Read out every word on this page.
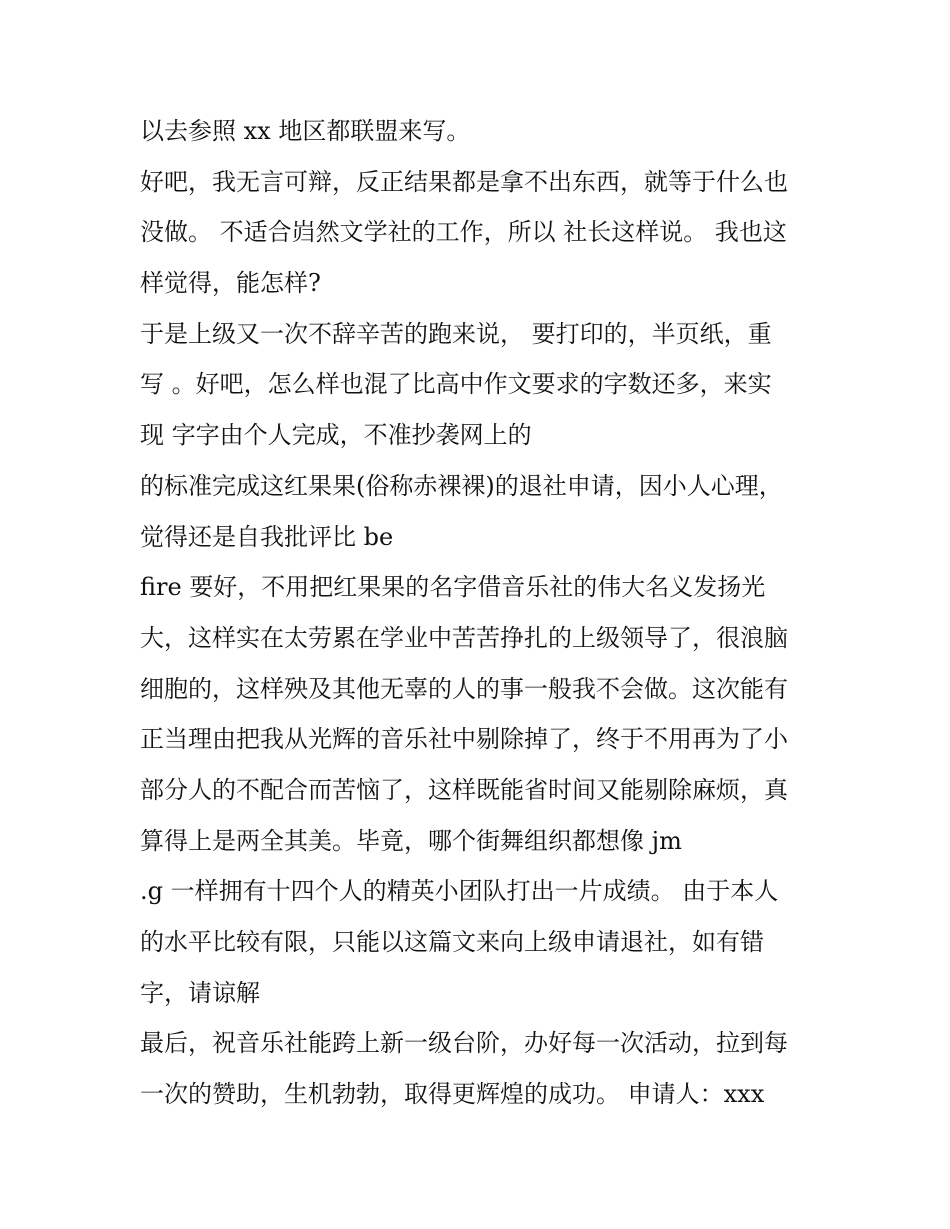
以去参照 xx 地区都联盟来写。
好吧，我无言可辩，反正结果都是拿不出东西，就等于什么也
没做。 不适合岿然文学社的工作，所以 社长这样说。 我也这
样觉得，能怎样?
于是上级又一次不辞辛苦的跑来说， 要打印的，半页纸，重
写 。好吧，怎么样也混了比高中作文要求的字数还多，来实
现 字字由个人完成，不准抄袭网上的
的标准完成这红果果(俗称赤裸裸)的退社申请，因小人心理，
觉得还是自我批评比 be
fire 要好，不用把红果果的名字借音乐社的伟大名义发扬光
大，这样实在太劳累在学业中苦苦挣扎的上级领导了，很浪脑
细胞的，这样殃及其他无辜的人的事一般我不会做。这次能有
正当理由把我从光辉的音乐社中剔除掉了，终于不用再为了小
部分人的不配合而苦恼了，这样既能省时间又能剔除麻烦，真
算得上是两全其美。毕竟，哪个街舞组织都想像 jm
.g 一样拥有十四个人的精英小团队打出一片成绩。 由于本人
的水平比较有限，只能以这篇文来向上级申请退社，如有错
字，请谅解
最后，祝音乐社能跨上新一级台阶，办好每一次活动，拉到每
一次的赞助，生机勃勃，取得更辉煌的成功。 申请人：xxx
